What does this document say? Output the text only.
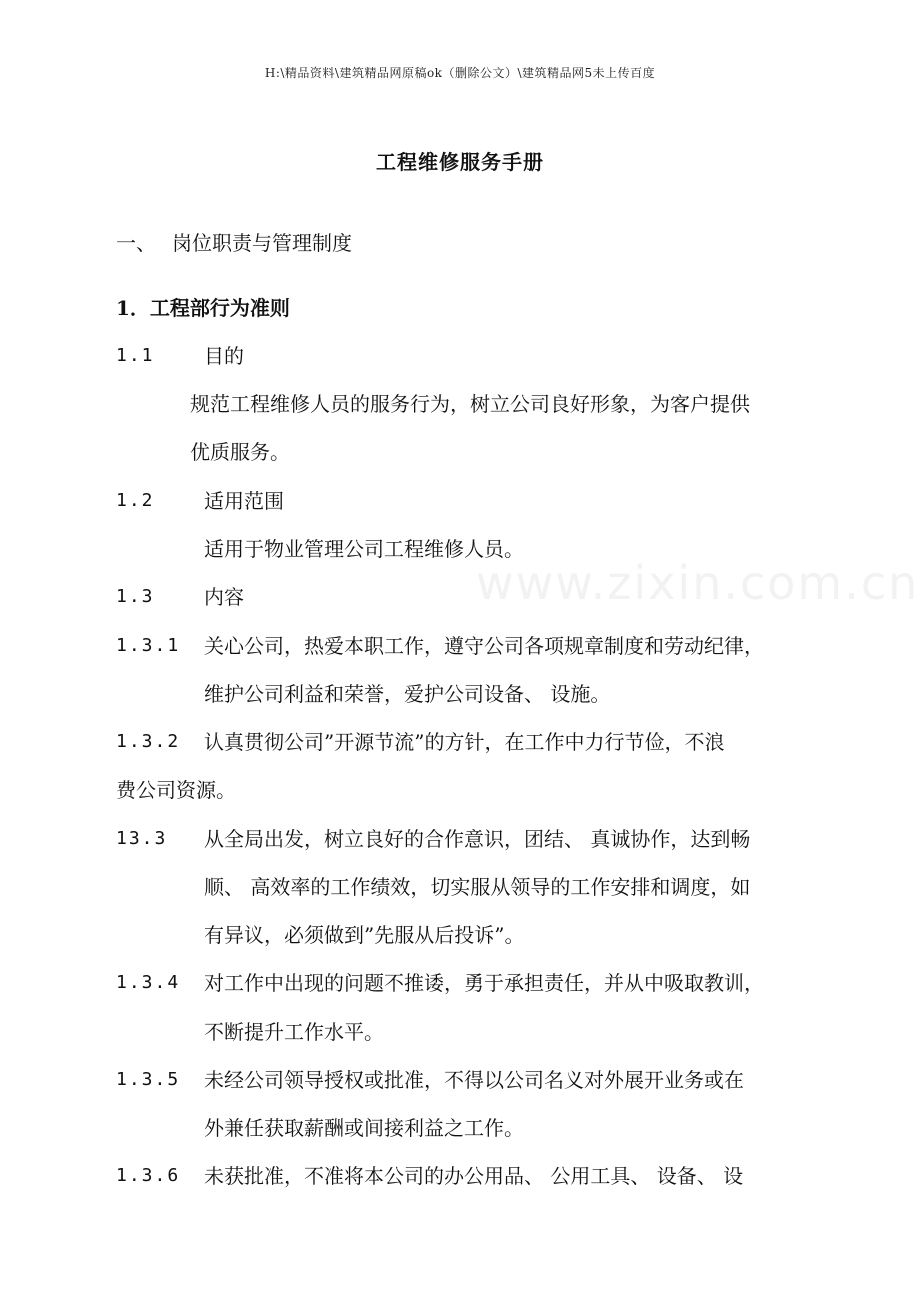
H:\精品资料\建筑精品网原稿ok（删除公文）\建筑精品网5未上传百度
www.zixin.com.cn
工程维修服务手册
一、 岗位职责与管理制度
1．工程部行为准则
1.1 目的
规范工程维修人员的服务行为，树立公司良好形象，为客户提供
优质服务。
1.2 适用范围
适用于物业管理公司工程维修人员。
1.3 内容
1.3.1 关心公司，热爱本职工作，遵守公司各项规章制度和劳动纪律，
维护公司利益和荣誉，爱护公司设备、 设施。
1.3.2 认真贯彻公司”开源节流”的方针，在工作中力行节俭，不浪
费公司资源。
13.3 从全局出发，树立良好的合作意识，团结、 真诚协作，达到畅
顺、 高效率的工作绩效，切实服从领导的工作安排和调度，如
有异议，必须做到”先服从后投诉”。
1.3.4 对工作中出现的问题不推诿，勇于承担责任，并从中吸取教训，
不断提升工作水平。
1.3.5 未经公司领导授权或批准，不得以公司名义对外展开业务或在
外兼任获取薪酬或间接利益之工作。
1.3.6 未获批准，不准将本公司的办公用品、 公用工具、 设备、 设
